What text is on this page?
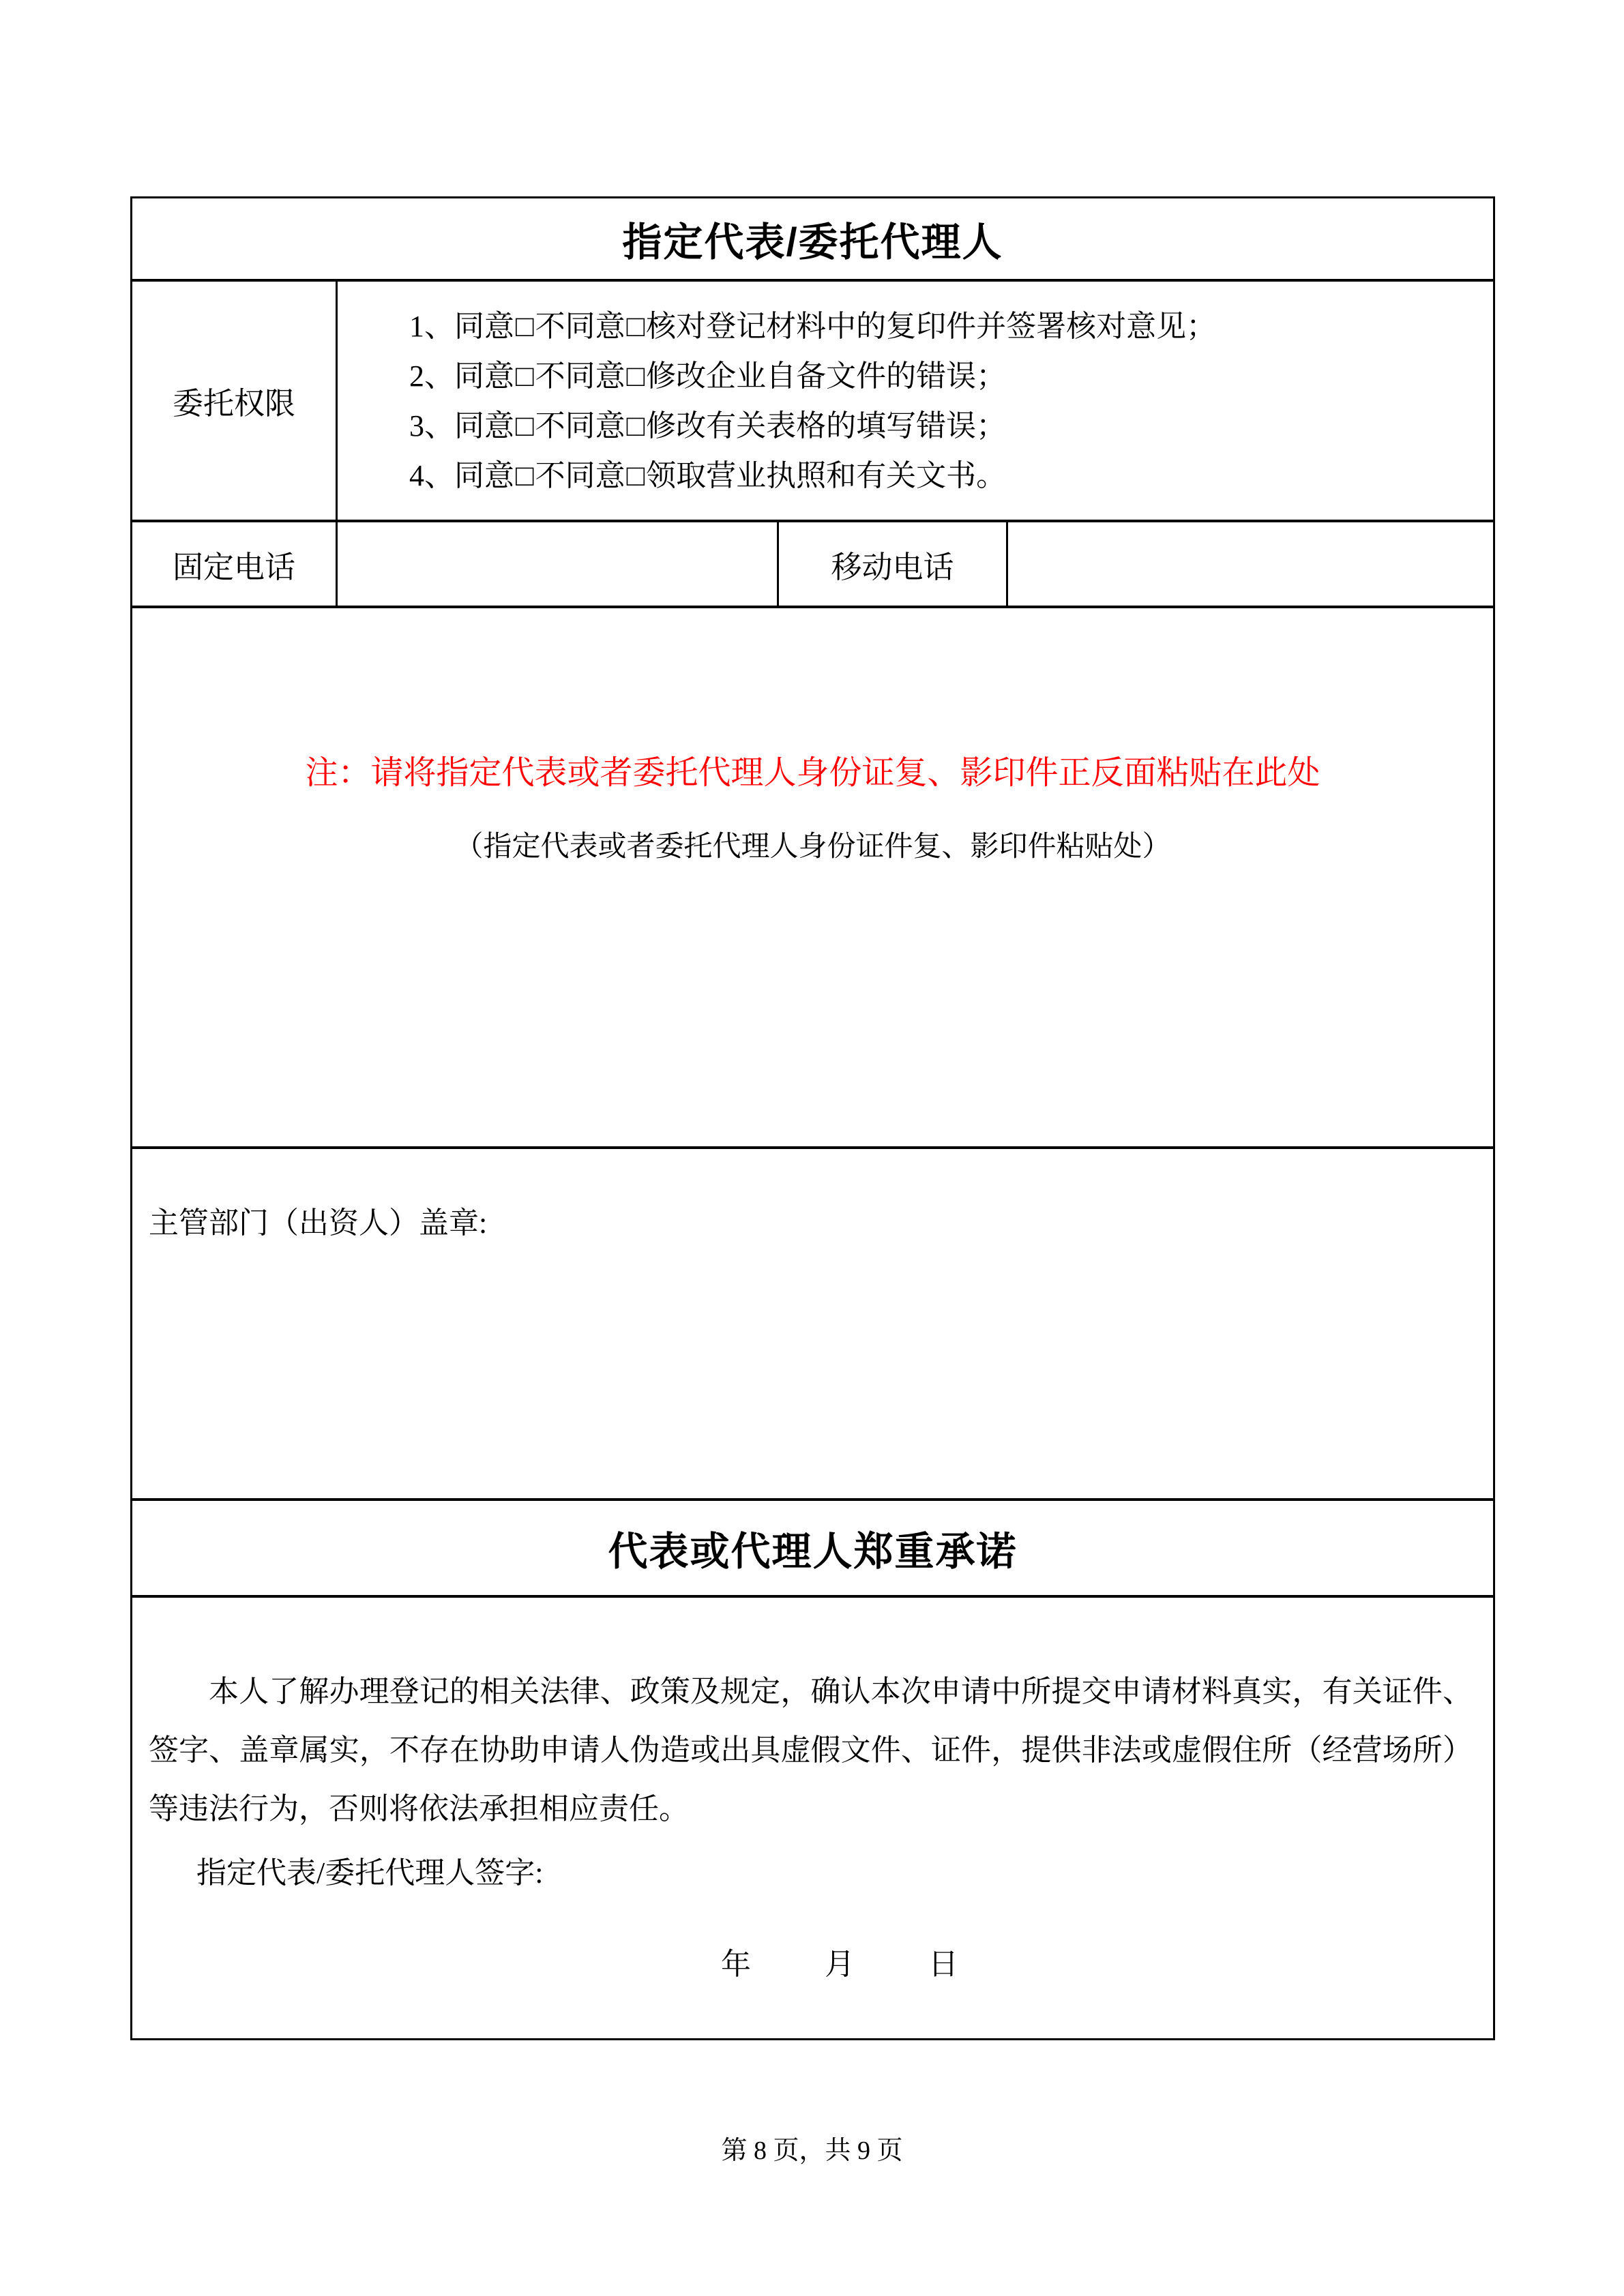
指定代表/委托代理人
委托权限
1、同意□不同意□核对登记材料中的复印件并签署核对意见；
2、同意□不同意□修改企业自备文件的错误；
3、同意□不同意□修改有关表格的填写错误；
4、同意□不同意□领取营业执照和有关文书。
固定电话	移动电话
注：请将指定代表或者委托代理人身份证复、影印件正反面粘贴在此处
（指定代表或者委托代理人身份证件复、影印件粘贴处）
主管部门（出资人）盖章:
代表或代理人郑重承诺
本人了解办理登记的相关法律、政策及规定，确认本次申请中所提交申请材料真实，有关证件、签字、盖章属实，不存在协助申请人伪造或出具虚假文件、证件，提供非法或虚假住所（经营场所）等违法行为，否则将依法承担相应责任。
指定代表/委托代理人签字:
年 月 日
第 8 页，共 9 页
